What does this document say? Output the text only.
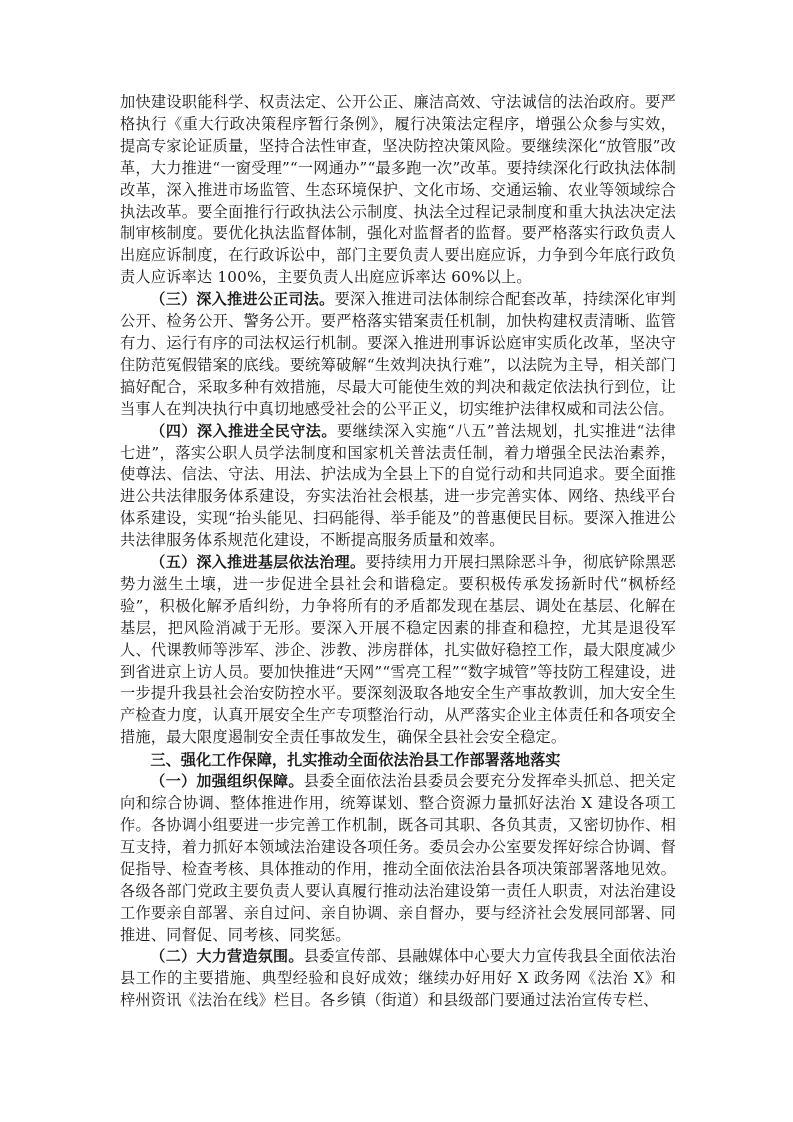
加快建设职能科学、权责法定、公开公正、廉洁高效、守法诚信的法治政府。要严格执行《重大行政决策程序暂行条例》，履行决策法定程序，增强公众参与实效，提高专家论证质量，坚持合法性审查，坚决防控决策风险。要继续深化“放管服”改革，大力推进“一窗受理”“一网通办”“最多跑一次”改革。要持续深化行政执法体制改革，深入推进市场监管、生态环境保护、文化市场、交通运输、农业等领域综合执法改革。要全面推行行政执法公示制度、执法全过程记录制度和重大执法决定法制审核制度。要优化执法监督体制，强化对监督者的监督。要严格落实行政负责人出庭应诉制度，在行政诉讼中，部门主要负责人要出庭应诉，力争到今年底行政负责人应诉率达 100%，主要负责人出庭应诉率达 60%以上。

（三）深入推进公正司法。要深入推进司法体制综合配套改革，持续深化审判公开、检务公开、警务公开。要严格落实错案责任机制，加快构建权责清晰、监管有力、运行有序的司法权运行机制。要深入推进刑事诉讼庭审实质化改革，坚决守住防范冤假错案的底线。要统筹破解“生效判决执行难”，以法院为主导，相关部门搞好配合，采取多种有效措施，尽最大可能使生效的判决和裁定依法执行到位，让当事人在判决执行中真切地感受社会的公平正义，切实维护法律权威和司法公信。

（四）深入推进全民守法。要继续深入实施“八五”普法规划，扎实推进“法律七进”，落实公职人员学法制度和国家机关普法责任制，着力增强全民法治素养，使尊法、信法、守法、用法、护法成为全县上下的自觉行动和共同追求。要全面推进公共法律服务体系建设，夯实法治社会根基，进一步完善实体、网络、热线平台体系建设，实现“抬头能见、扫码能得、举手能及”的普惠便民目标。要深入推进公共法律服务体系规范化建设，不断提高服务质量和效率。

（五）深入推进基层依法治理。要持续用力开展扫黑除恶斗争，彻底铲除黑恶势力滋生土壤，进一步促进全县社会和谐稳定。要积极传承发扬新时代“枫桥经验”，积极化解矛盾纠纷，力争将所有的矛盾都发现在基层、调处在基层、化解在基层，把风险消减于无形。要深入开展不稳定因素的排查和稳控，尤其是退役军人、代课教师等涉军、涉企、涉教、涉房群体，扎实做好稳控工作，最大限度减少到省进京上访人员。要加快推进“天网”“雪亮工程”“数字城管”等技防工程建设，进一步提升我县社会治安防控水平。要深刻汲取各地安全生产事故教训，加大安全生产检查力度，认真开展安全生产专项整治行动，从严落实企业主体责任和各项安全措施，最大限度遏制安全责任事故发生，确保全县社会安全稳定。

三、强化工作保障，扎实推动全面依法治县工作部署落地落实

（一）加强组织保障。县委全面依法治县委员会要充分发挥牵头抓总、把关定向和综合协调、整体推进作用，统筹谋划、整合资源力量抓好法治 X 建设各项工作。各协调小组要进一步完善工作机制，既各司其职、各负其责，又密切协作、相互支持，着力抓好本领域法治建设各项任务。委员会办公室要发挥好综合协调、督促指导、检查考核、具体推动的作用，推动全面依法治县各项决策部署落地见效。各级各部门党政主要负责人要认真履行推动法治建设第一责任人职责，对法治建设工作要亲自部署、亲自过问、亲自协调、亲自督办，要与经济社会发展同部署、同推进、同督促、同考核、同奖惩。

（二）大力营造氛围。县委宣传部、县融媒体中心要大力宣传我县全面依法治县工作的主要措施、典型经验和良好成效；继续办好用好 X 政务网《法治 X》和梓州资讯《法治在线》栏目。各乡镇（街道）和县级部门要通过法治宣传专栏、
